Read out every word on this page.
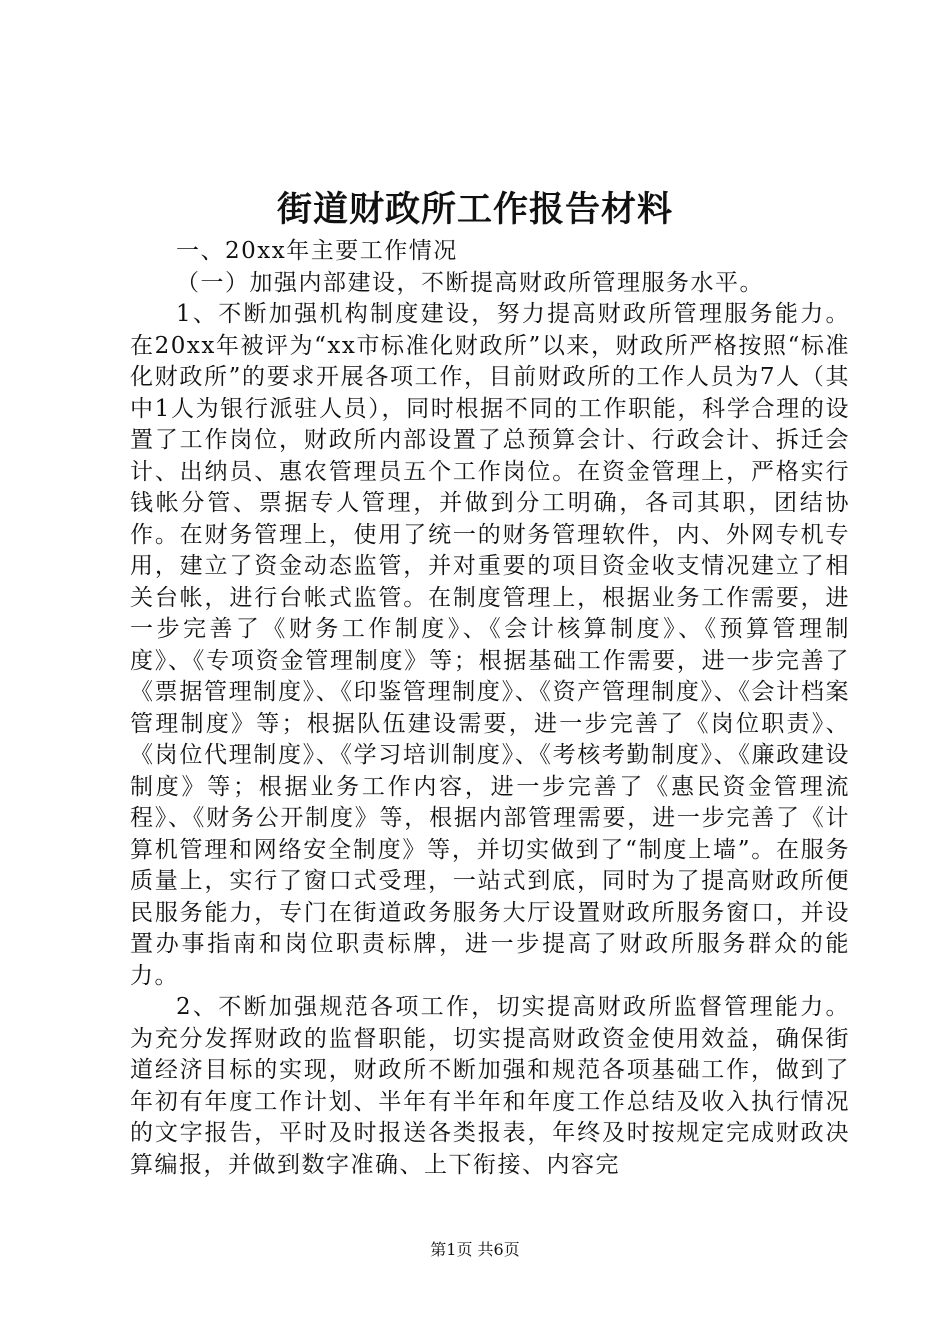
街道财政所工作报告材料

一、20xx年主要工作情况

（一）加强内部建设，不断提高财政所管理服务水平。

1、不断加强机构制度建设，努力提高财政所管理服务能力。在20xx年被评为“xx市标准化财政所”以来，财政所严格按照“标准化财政所”的要求开展各项工作，目前财政所的工作人员为7人（其中1人为银行派驻人员），同时根据不同的工作职能，科学合理的设置了工作岗位，财政所内部设置了总预算会计、行政会计、拆迁会计、出纳员、惠农管理员五个工作岗位。在资金管理上，严格实行钱帐分管、票据专人管理，并做到分工明确，各司其职，团结协作。在财务管理上，使用了统一的财务管理软件，内、外网专机专用，建立了资金动态监管，并对重要的项目资金收支情况建立了相关台帐，进行台帐式监管。在制度管理上，根据业务工作需要，进一步完善了《财务工作制度》、《会计核算制度》、《预算管理制度》、《专项资金管理制度》等；根据基础工作需要，进一步完善了《票据管理制度》、《印鉴管理制度》、《资产管理制度》、《会计档案管理制度》等；根据队伍建设需要，进一步完善了《岗位职责》、《岗位代理制度》、《学习培训制度》、《考核考勤制度》、《廉政建设制度》等；根据业务工作内容，进一步完善了《惠民资金管理流程》、《财务公开制度》等，根据内部管理需要，进一步完善了《计算机管理和网络安全制度》等，并切实做到了“制度上墙”。在服务质量上，实行了窗口式受理，一站式到底，同时为了提高财政所便民服务能力，专门在街道政务服务大厅设置财政所服务窗口，并设置办事指南和岗位职责标牌，进一步提高了财政所服务群众的能力。

2、不断加强规范各项工作，切实提高财政所监督管理能力。为充分发挥财政的监督职能，切实提高财政资金使用效益，确保街道经济目标的实现，财政所不断加强和规范各项基础工作，做到了年初有年度工作计划、半年有半年和年度工作总结及收入执行情况的文字报告，平时及时报送各类报表，年终及时按规定完成财政决算编报，并做到数字准确、上下衔接、内容完

第1页 共6页
